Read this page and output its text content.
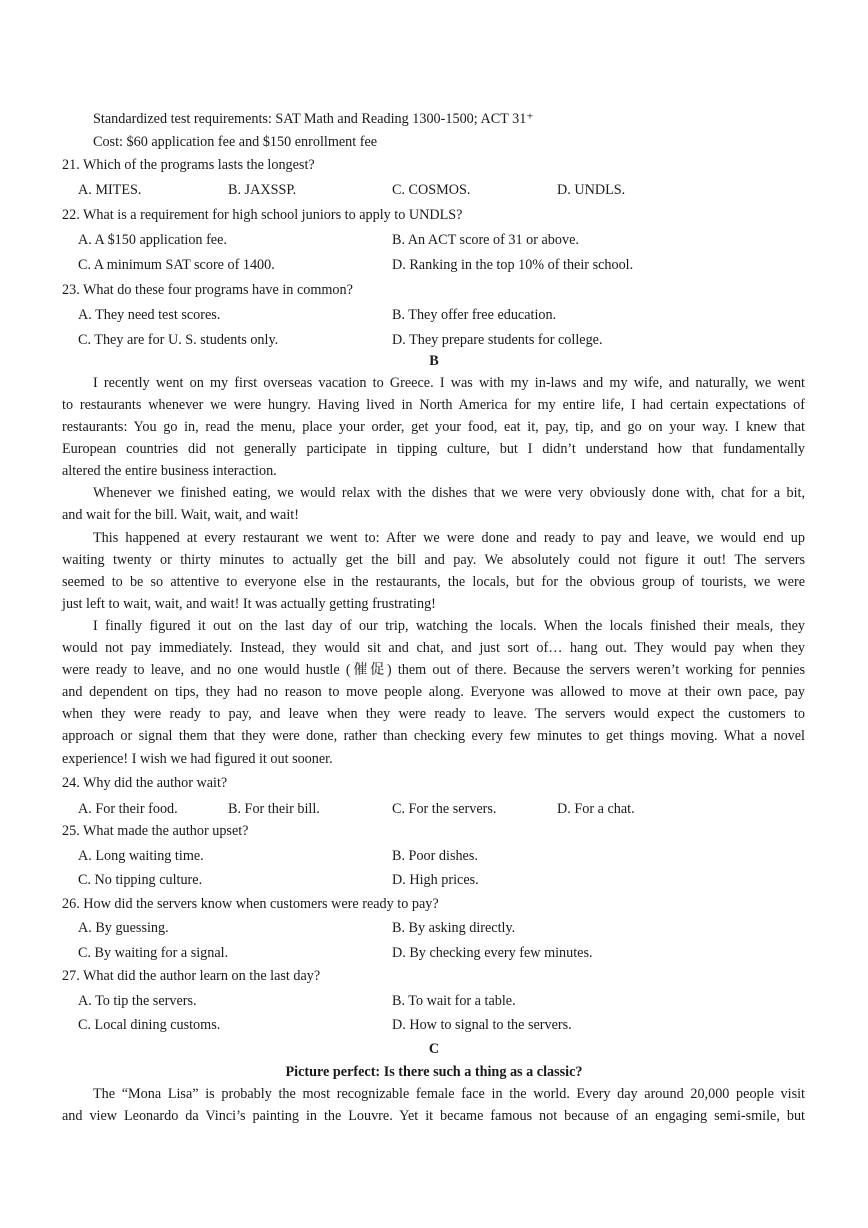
Standardized test requirements: SAT Math and Reading 1300-1500; ACT 31⁺
Cost: $60 application fee and $150 enrollment fee
21. Which of the programs lasts the longest?
A. MITES.	B. JAXSSP.	C. COSMOS.	D. UNDLS.
22. What is a requirement for high school juniors to apply to UNDLS?
A. A $150 application fee.	B. An ACT score of 31 or above.
C. A minimum SAT score of 1400.	D. Ranking in the top 10% of their school.
23. What do these four programs have in common?
A. They need test scores.	B. They offer free education.
C. They are for U. S. students only.	D. They prepare students for college.
B
I recently went on my first overseas vacation to Greece. I was with my in-laws and my wife, and naturally, we went
to restaurants whenever we were hungry. Having lived in North America for my entire life, I had certain expectations of
restaurants: You go in, read the menu, place your order, get your food, eat it, pay, tip, and go on your way. I knew that
European countries did not generally participate in tipping culture, but I didn’t understand how that fundamentally
altered the entire business interaction.
Whenever we finished eating, we would relax with the dishes that we were very obviously done with, chat for a bit,
and wait for the bill. Wait, wait, and wait!
This happened at every restaurant we went to: After we were done and ready to pay and leave, we would end up
waiting twenty or thirty minutes to actually get the bill and pay. We absolutely could not figure it out! The servers
seemed to be so attentive to everyone else in the restaurants, the locals, but for the obvious group of tourists, we were
just left to wait, wait, and wait! It was actually getting frustrating!
I finally figured it out on the last day of our trip, watching the locals. When the locals finished their meals, they
would not pay immediately. Instead, they would sit and chat, and just sort of… hang out. They would pay when they
were ready to leave, and no one would hustle (催促) them out of there. Because the servers weren’t working for pennies
and dependent on tips, they had no reason to move people along. Everyone was allowed to move at their own pace, pay
when they were ready to pay, and leave when they were ready to leave. The servers would expect the customers to
approach or signal them that they were done, rather than checking every few minutes to get things moving. What a novel
experience! I wish we had figured it out sooner.
24. Why did the author wait?
A. For their food.	B. For their bill.	C. For the servers.	D. For a chat.
25. What made the author upset?
A. Long waiting time.	B. Poor dishes.
C. No tipping culture.	D. High prices.
26. How did the servers know when customers were ready to pay?
A. By guessing.	B. By asking directly.
C. By waiting for a signal.	D. By checking every few minutes.
27. What did the author learn on the last day?
A. To tip the servers.	B. To wait for a table.
C. Local dining customs.	D. How to signal to the servers.
C
Picture perfect: Is there such a thing as a classic?
The “Mona Lisa” is probably the most recognizable female face in the world. Every day around 20,000 people visit
and view Leonardo da Vinci’s painting in the Louvre. Yet it became famous not because of an engaging semi-smile, but
